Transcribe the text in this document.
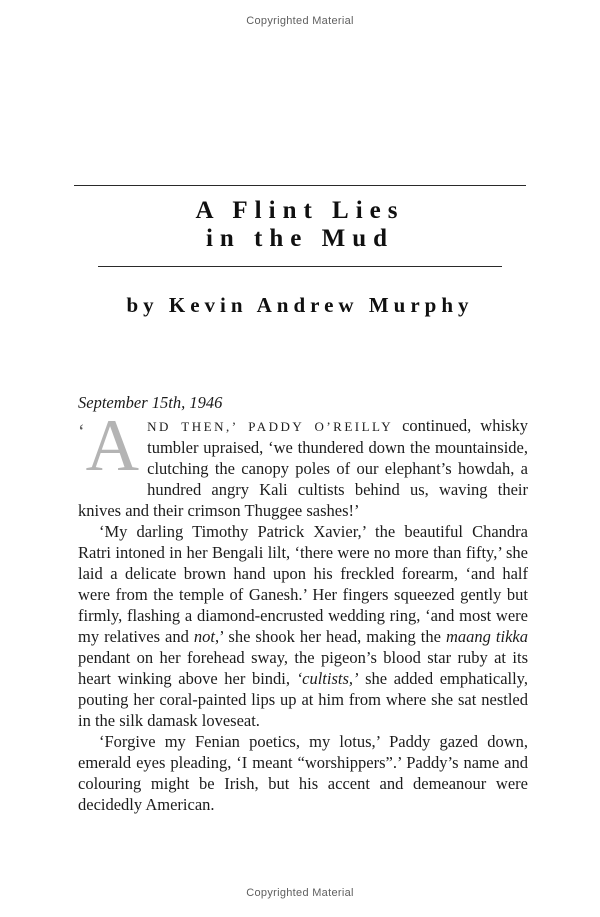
Copyrighted Material
A Flint Lies
in the Mud
by Kevin Andrew Murphy
September 15th, 1946

‘A ND THEN,’ PADDY O’REILLY continued, whisky tumbler upraised, ‘we thundered down the mountainside, clutching the canopy poles of our elephant’s howdah, a hundred angry Kali cultists behind us, waving their knives and their crimson Thuggee sashes!’

‘My darling Timothy Patrick Xavier,’ the beautiful Chandra Ratri intoned in her Bengali lilt, ‘there were no more than fifty,’ she laid a delicate brown hand upon his freckled forearm, ‘and half were from the temple of Ganesh.’ Her fingers squeezed gently but firmly, flashing a diamond-encrusted wedding ring, ‘and most were my relatives and not,’ she shook her head, making the maang tikka pendant on her forehead sway, the pigeon’s blood star ruby at its heart winking above her bindi, ‘cultists,’ she added emphatically, pouting her coral-painted lips up at him from where she sat nestled in the silk damask loveseat.

‘Forgive my Fenian poetics, my lotus,’ Paddy gazed down, emerald eyes pleading, ‘I meant “worshippers”.’ Paddy’s name and colouring might be Irish, but his accent and demeanour were decidedly American.

Copyrighted Material
